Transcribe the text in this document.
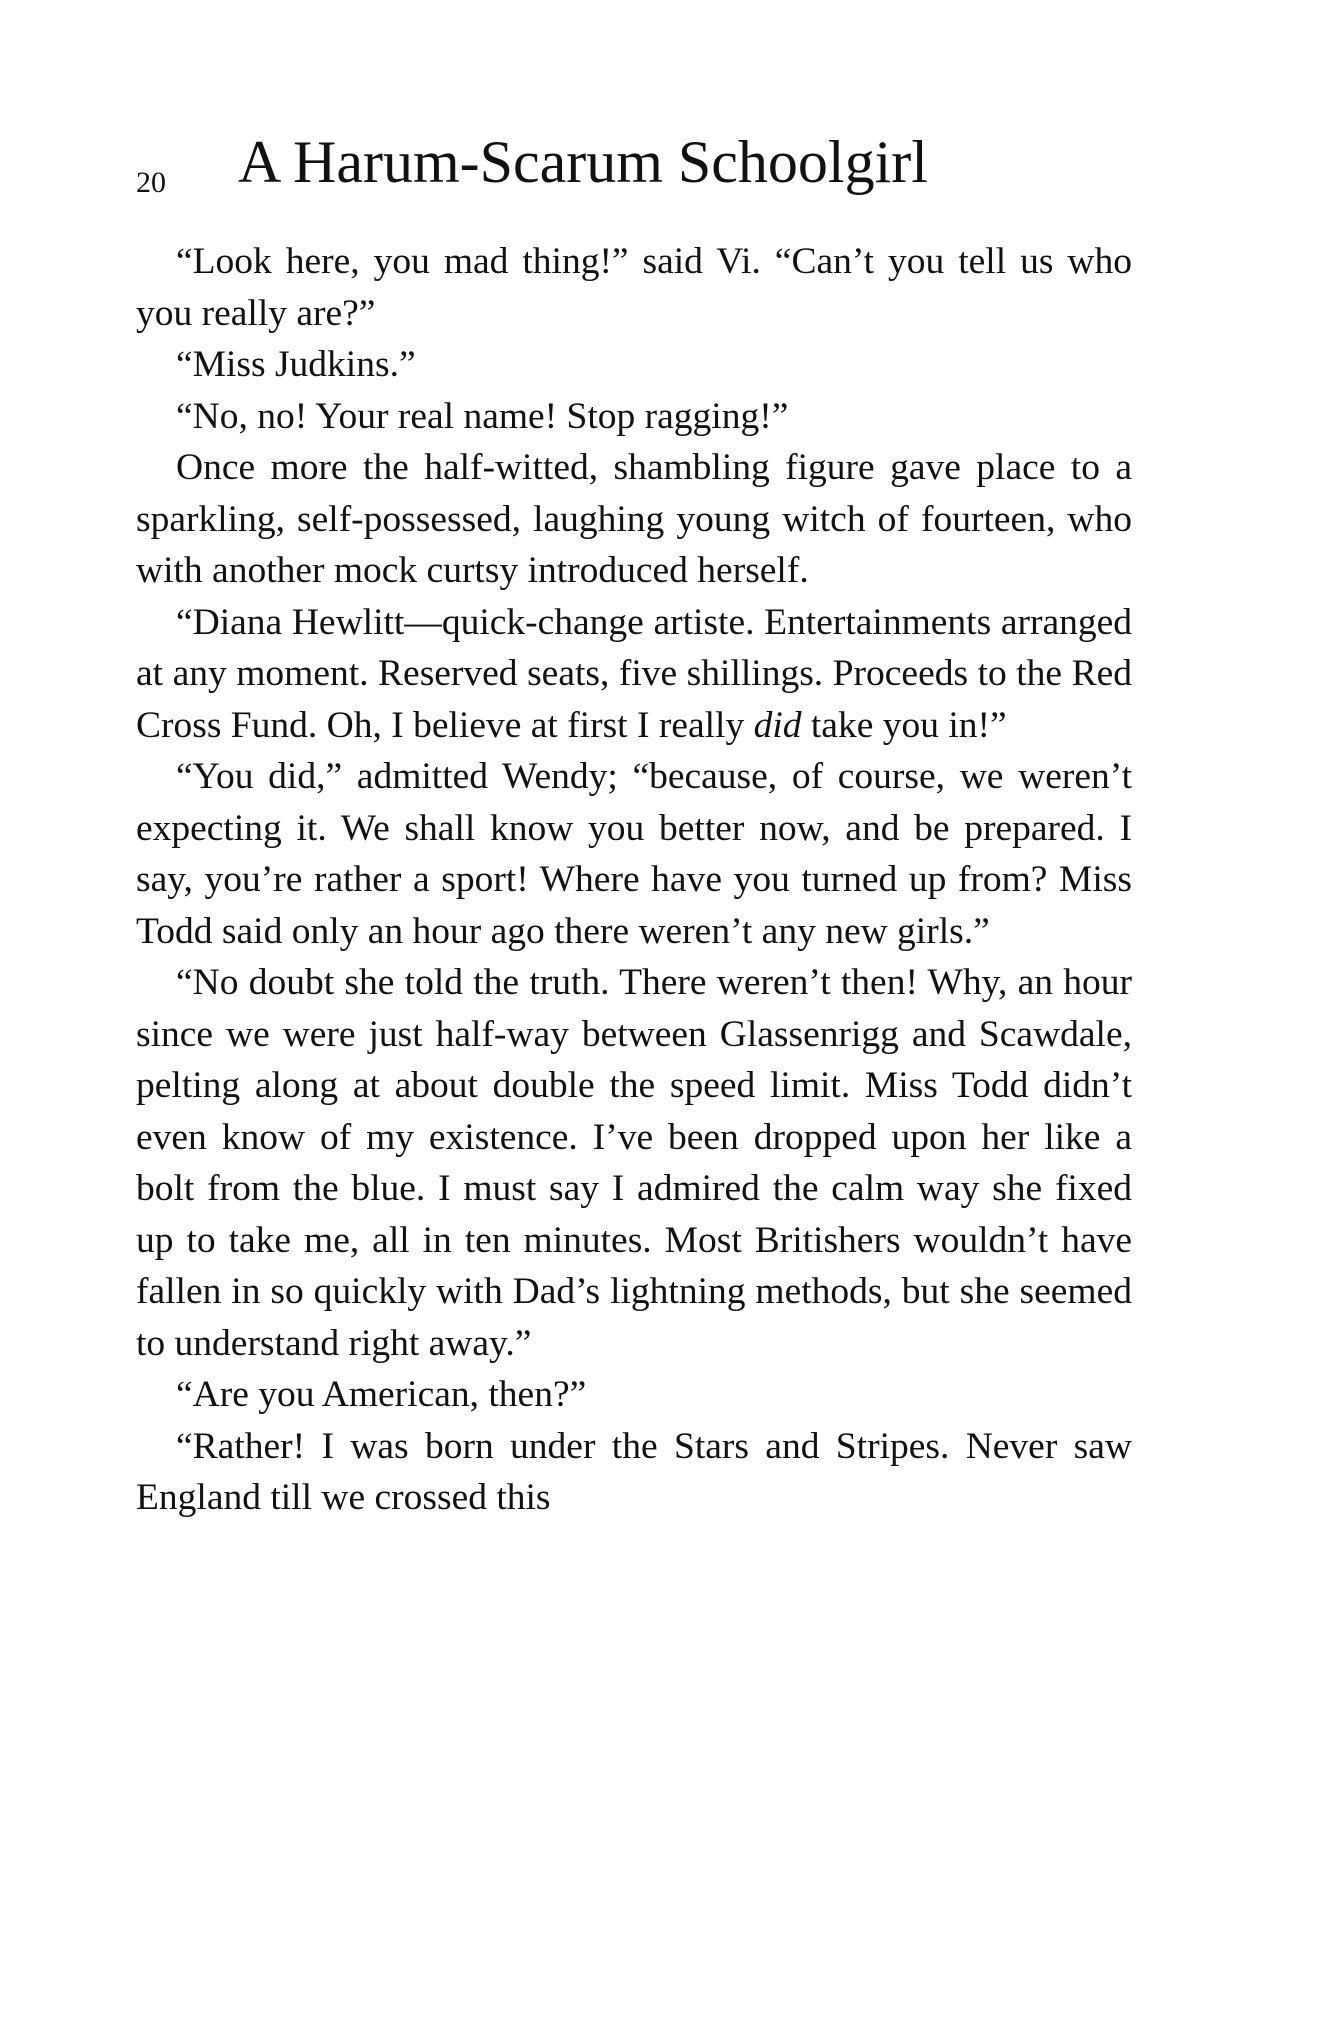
20 A Harum-Scarum Schoolgirl

“Look here, you mad thing!” said Vi. “Can’t you tell us who you really are?”

“Miss Judkins.”

“No, no! Your real name! Stop ragging!”

Once more the half-witted, shambling figure gave place to a sparkling, self-possessed, laughing young witch of fourteen, who with another mock curtsy introduced herself.

“Diana Hewlitt—quick-change artiste. Entertainments arranged at any moment. Reserved seats, five shillings. Proceeds to the Red Cross Fund. Oh, I believe at first I really did take you in!”

“You did,” admitted Wendy; “because, of course, we weren’t expecting it. We shall know you better now, and be prepared. I say, you’re rather a sport! Where have you turned up from? Miss Todd said only an hour ago there weren’t any new girls.”

“No doubt she told the truth. There weren’t then! Why, an hour since we were just half-way between Glassenrigg and Scawdale, pelting along at about double the speed limit. Miss Todd didn’t even know of my existence. I’ve been dropped upon her like a bolt from the blue. I must say I admired the calm way she fixed up to take me, all in ten minutes. Most Britishers wouldn’t have fallen in so quickly with Dad’s lightning methods, but she seemed to understand right away.”

“Are you American, then?”

“Rather! I was born under the Stars and Stripes. Never saw England till we crossed this
